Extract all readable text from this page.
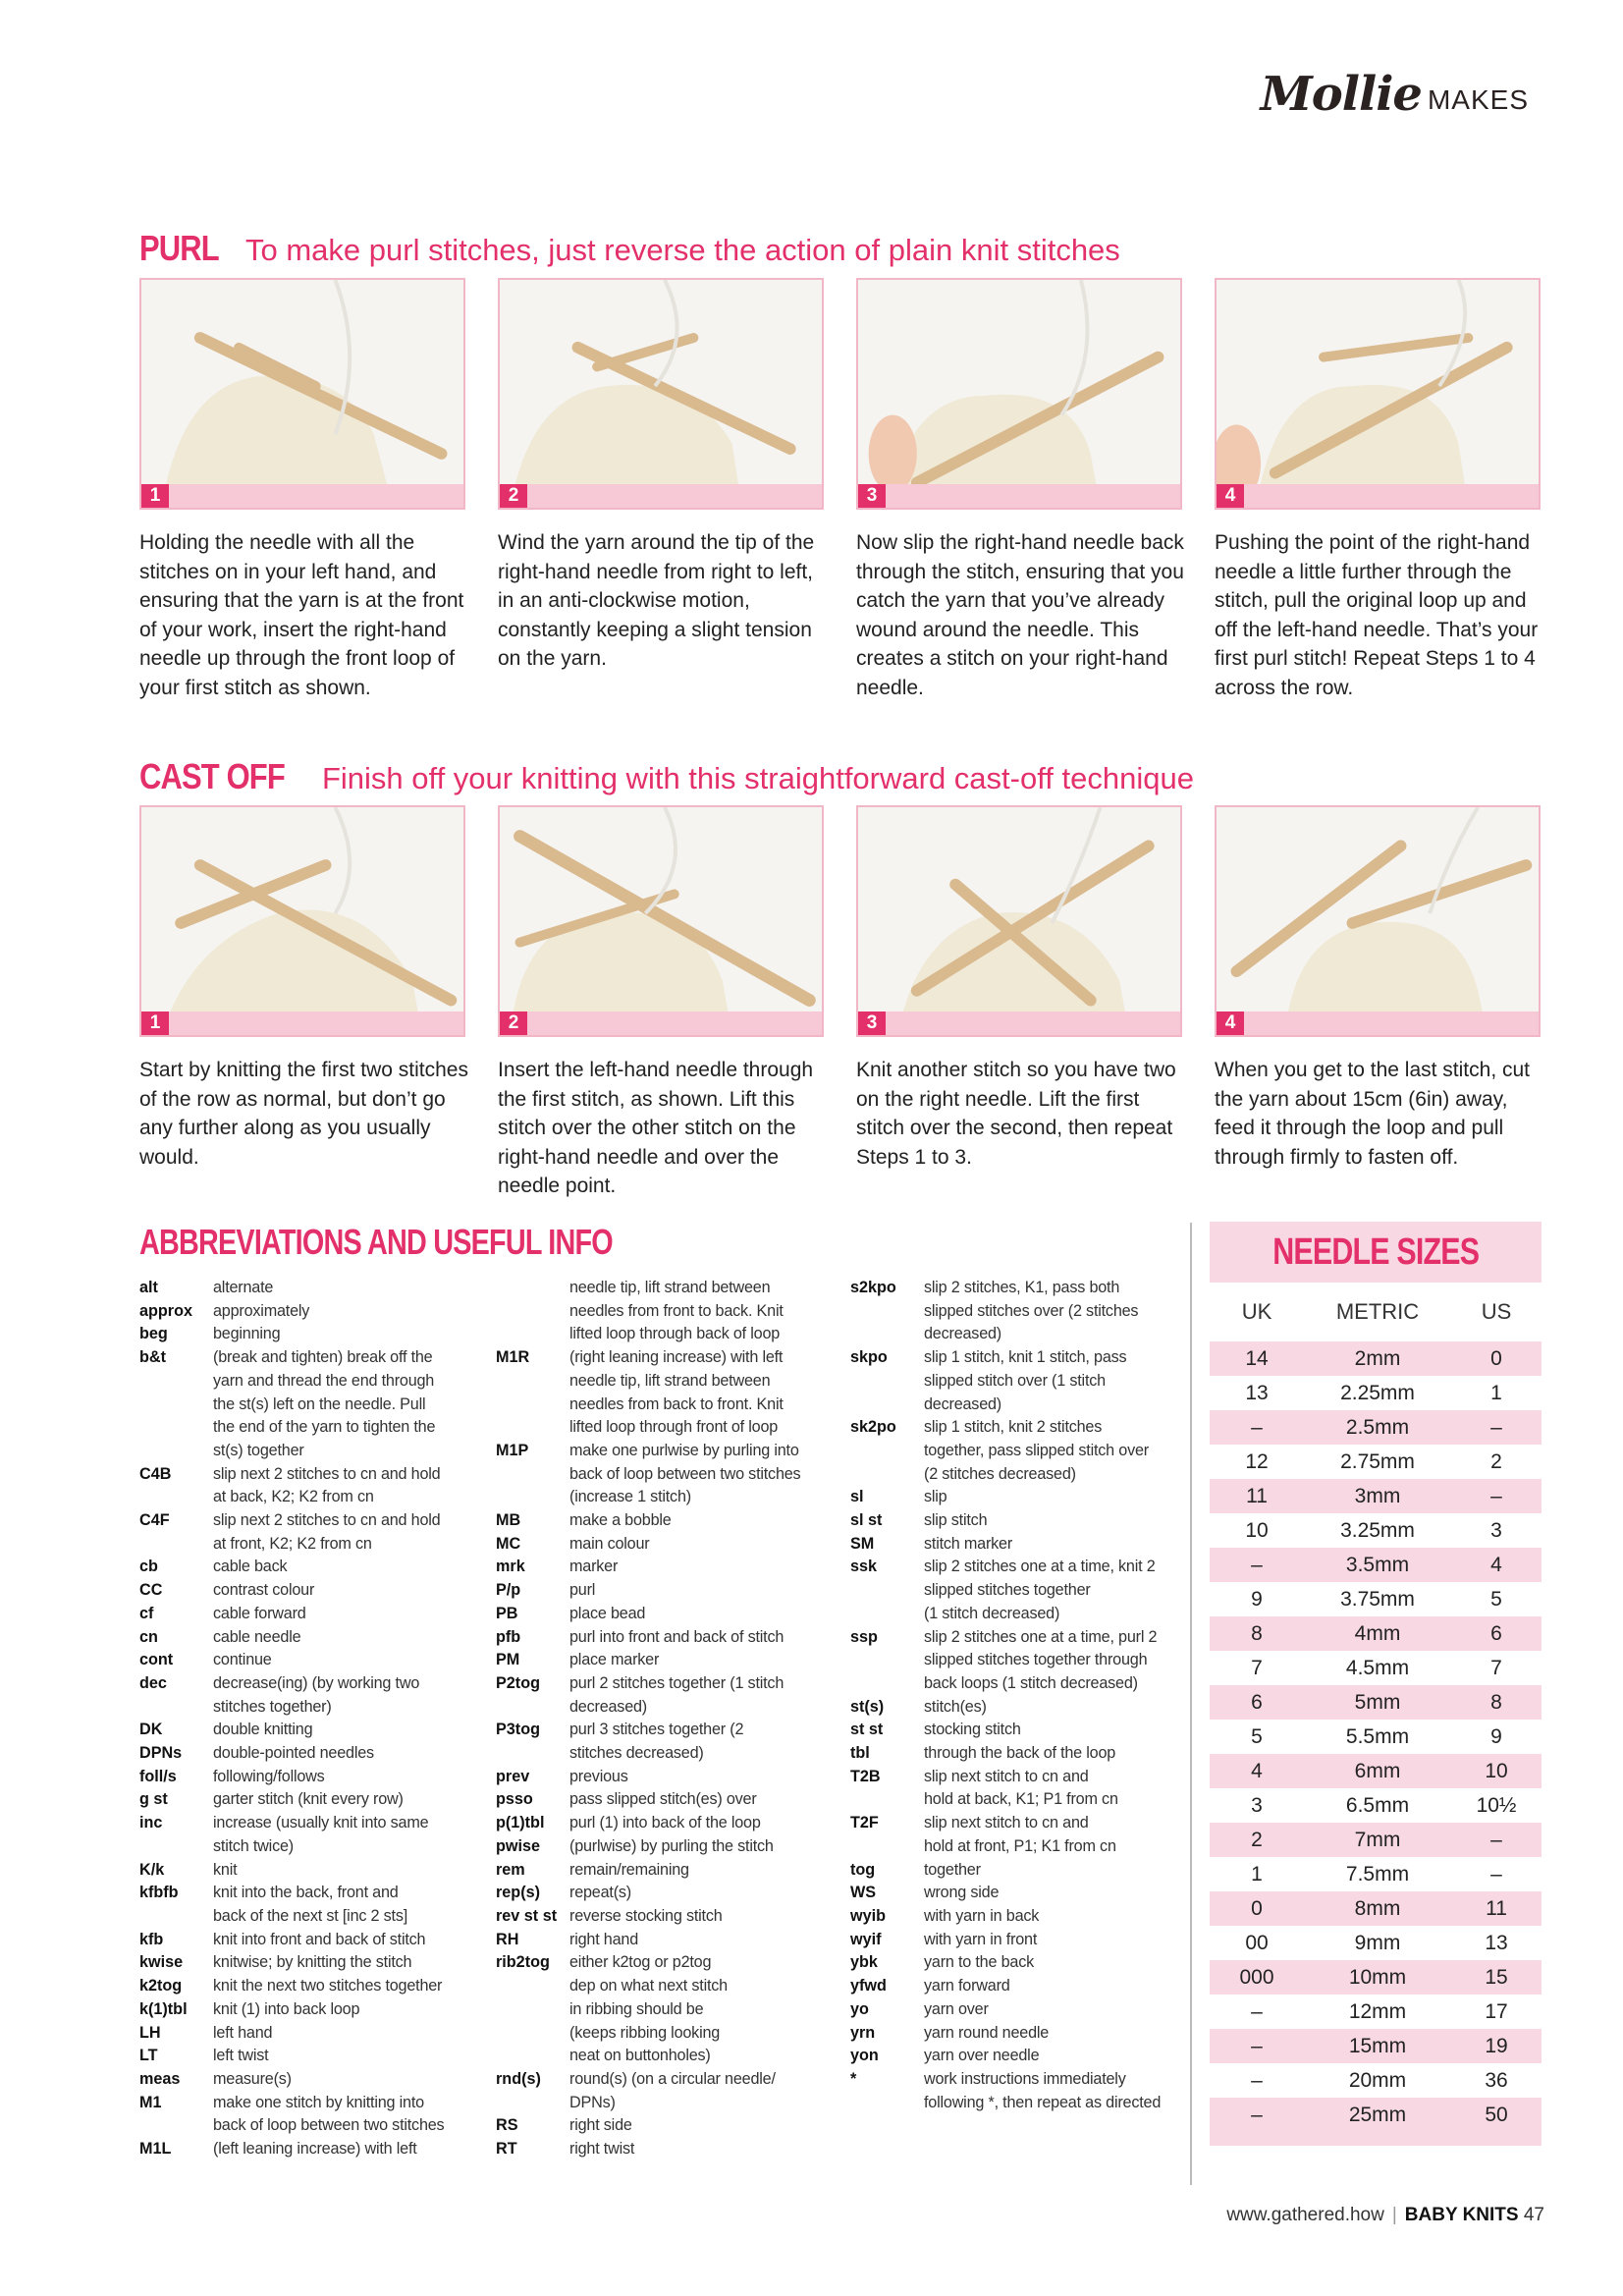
Mollie MAKES
PURL To make purl stitches, just reverse the action of plain knit stitches
1	2	3	4
Holding the needle with all the stitches on in your left hand, and ensuring that the yarn is at the front of your work, insert the right-hand needle up through the front loop of your first stitch as shown.
Wind the yarn around the tip of the right-hand needle from right to left, in an anti-clockwise motion, constantly keeping a slight tension on the yarn.
Now slip the right-hand needle back through the stitch, ensuring that you catch the yarn that you’ve already wound around the needle. This creates a stitch on your right-hand needle.
Pushing the point of the right-hand needle a little further through the stitch, pull the original loop up and off the left-hand needle. That’s your first purl stitch! Repeat Steps 1 to 4 across the row.
CAST OFF Finish off your knitting with this straightforward cast-off technique
1	2	3	4
Start by knitting the first two stitches of the row as normal, but don’t go any further along as you usually would.
Insert the left-hand needle through the first stitch, as shown. Lift this stitch over the other stitch on the right-hand needle and over the needle point.
Knit another stitch so you have two on the right needle. Lift the first stitch over the second, then repeat Steps 1 to 3.
When you get to the last stitch, cut the yarn about 15cm (6in) away, feed it through the loop and pull through firmly to fasten off.
ABBREVIATIONS AND USEFUL INFO
alt	alternate
approx	approximately
beg	beginning
b&t	(break and tighten) break off the
yarn and thread the end through
the st(s) left on the needle. Pull
the end of the yarn to tighten the
st(s) together
C4B	slip next 2 stitches to cn and hold
at back, K2; K2 from cn
C4F	slip next 2 stitches to cn and hold
at front, K2; K2 from cn
cb	cable back
CC	contrast colour
cf	cable forward
cn	cable needle
cont	continue
dec	decrease(ing) (by working two
stitches together)
DK	double knitting
DPNs	double-pointed needles
foll/s	following/follows
g st	garter stitch (knit every row)
inc	increase (usually knit into same
stitch twice)
K/k	knit
kfbfb	knit into the back, front and
back of the next st [inc 2 sts]
kfb	knit into front and back of stitch
kwise	knitwise; by knitting the stitch
k2tog	knit the next two stitches together
k(1)tbl	knit (1) into back loop
LH	left hand
LT	left twist
meas	measure(s)
M1	make one stitch by knitting into
back of loop between two stitches
M1L	(left leaning increase) with left
needle tip, lift strand between
needles from front to back. Knit
lifted loop through back of loop
M1R	(right leaning increase) with left
needle tip, lift strand between
needles from back to front. Knit
lifted loop through front of loop
M1P	make one purlwise by purling into
back of loop between two stitches
(increase 1 stitch)
MB	make a bobble
MC	main colour
mrk	marker
P/p	purl
PB	place bead
pfb	purl into front and back of stitch
PM	place marker
P2tog	purl 2 stitches together (1 stitch
decreased)
P3tog	purl 3 stitches together (2
stitches decreased)
prev	previous
psso	pass slipped stitch(es) over
p(1)tbl	purl (1) into back of the loop
pwise	(purlwise) by purling the stitch
rem	remain/remaining
rep(s)	repeat(s)
rev st st reverse stocking stitch
RH	right hand
rib2tog	either k2tog or p2tog
dep on what next stitch
in ribbing should be
(keeps ribbing looking
neat on buttonholes)
rnd(s)	round(s) (on a circular needle/
DPNs)
RS	right side
RT	right twist
s2kpo	slip 2 stitches, K1, pass both
slipped stitches over (2 stitches
decreased)
skpo	slip 1 stitch, knit 1 stitch, pass
slipped stitch over (1 stitch
decreased)
sk2po	slip 1 stitch, knit 2 stitches
together, pass slipped stitch over
(2 stitches decreased)
sl	slip
sl st	slip stitch
SM	stitch marker
ssk	slip 2 stitches one at a time, knit 2
slipped stitches together
(1 stitch decreased)
ssp	slip 2 stitches one at a time, purl 2
slipped stitches together through
back loops (1 stitch decreased)
st(s)	stitch(es)
st st	stocking stitch
tbl	through the back of the loop
T2B	slip next stitch to cn and
hold at back, K1; P1 from cn
T2F	slip next stitch to cn and
hold at front, P1; K1 from cn
tog	together
WS	wrong side
wyib	with yarn in back
wyif	with yarn in front
ybk	yarn to the back
yfwd	yarn forward
yo	yarn over
yrn	yarn round needle
yon	yarn over needle
*	work instructions immediately
following *, then repeat as directed
NEEDLE SIZES
UK	METRIC	US
14	2mm	0
13	2.25mm	1
–	2.5mm	–
12	2.75mm	2
11	3mm	–
10	3.25mm	3
–	3.5mm	4
9	3.75mm	5
8	4mm	6
7	4.5mm	7
6	5mm	8
5	5.5mm	9
4	6mm	10
3	6.5mm	10½
2	7mm	–
1	7.5mm	–
0	8mm	11
00	9mm	13
000	10mm	15
–	12mm	17
–	15mm	19
–	20mm	36
–	25mm	50
www.gathered.how | BABY KNITS 47
